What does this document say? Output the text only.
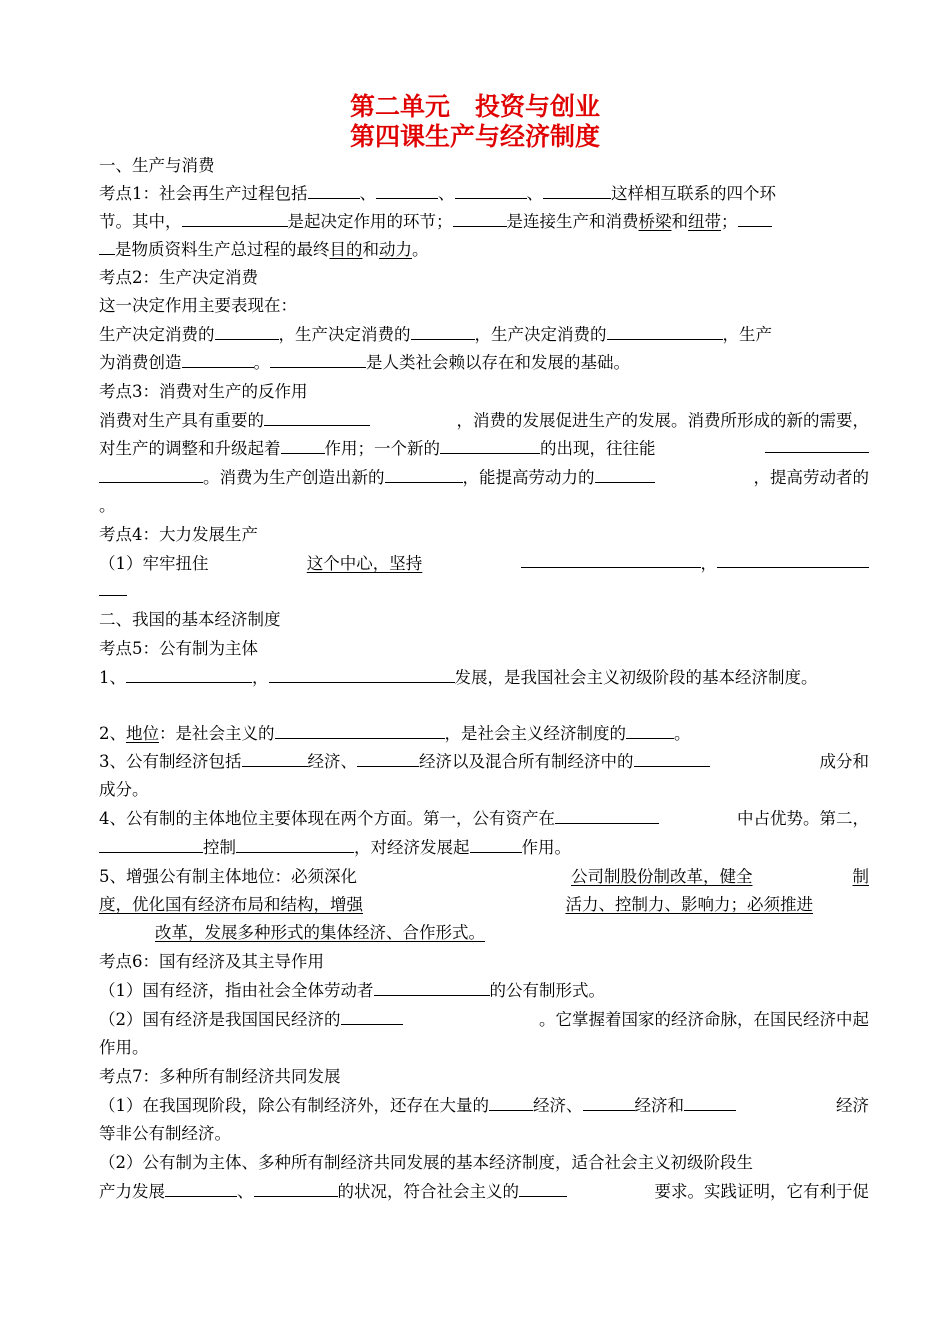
第二单元　投资与创业
第四课生产与经济制度
一、生产与消费
考点1：社会再生产过程包括	、	、	、	这样相互联系的四个环
节。其中，	是起决定作用的环节；	是连接生产和消费桥梁和纽带；
是物质资料生产总过程的最终目的和动力。
考点2：生产决定消费
这一决定作用主要表现在：
生产决定消费的	，生产决定消费的	，生产决定消费的	，生产
为消费创造	。	是人类社会赖以存在和发展的基础。
考点3：消费对生产的反作用
消费对生产具有重要的	，消费的发展促进生产的发展。消费所形成的新的需要，
对生产的调整和升级起着	作用；一个新的	的出现，往往能
。消费为生产创造出新的	，能提高劳动力的	，提高劳动者的
。
考点4：大力发展生产
（1）牢牢扭住	这个中心，坚持	，
二、我国的基本经济制度
考点5：公有制为主体
1、	，	发展，是我国社会主义初级阶段的基本经济制度。
2、地位：是社会主义的	，是社会主义经济制度的	。
3、公有制经济包括	经济、	经济以及混合所有制经济中的	成分和
成分。
4、公有制的主体地位主要体现在两个方面。第一，公有资产在	中占优势。第二，
控制	，对经济发展起	作用。
5、增强公有制主体地位：必须深化	公司制股份制改革，健全	制
度，优化国有经济布局和结构，增强	活力、控制力、影响力；必须推进
改革，发展多种形式的集体经济、合作形式。
考点6：国有经济及其主导作用
（1）国有经济，指由社会全体劳动者	的公有制形式。
（2）国有经济是我国国民经济的	。它掌握着国家的经济命脉，在国民经济中起
作用。
考点7：多种所有制经济共同发展
（1）在我国现阶段，除公有制经济外，还存在大量的	经济、	经济和	经济
等非公有制经济。
（2）公有制为主体、多种所有制经济共同发展的基本经济制度，适合社会主义初级阶段生
产力发展	、	的状况，符合社会主义的	要求。实践证明，它有利于促
